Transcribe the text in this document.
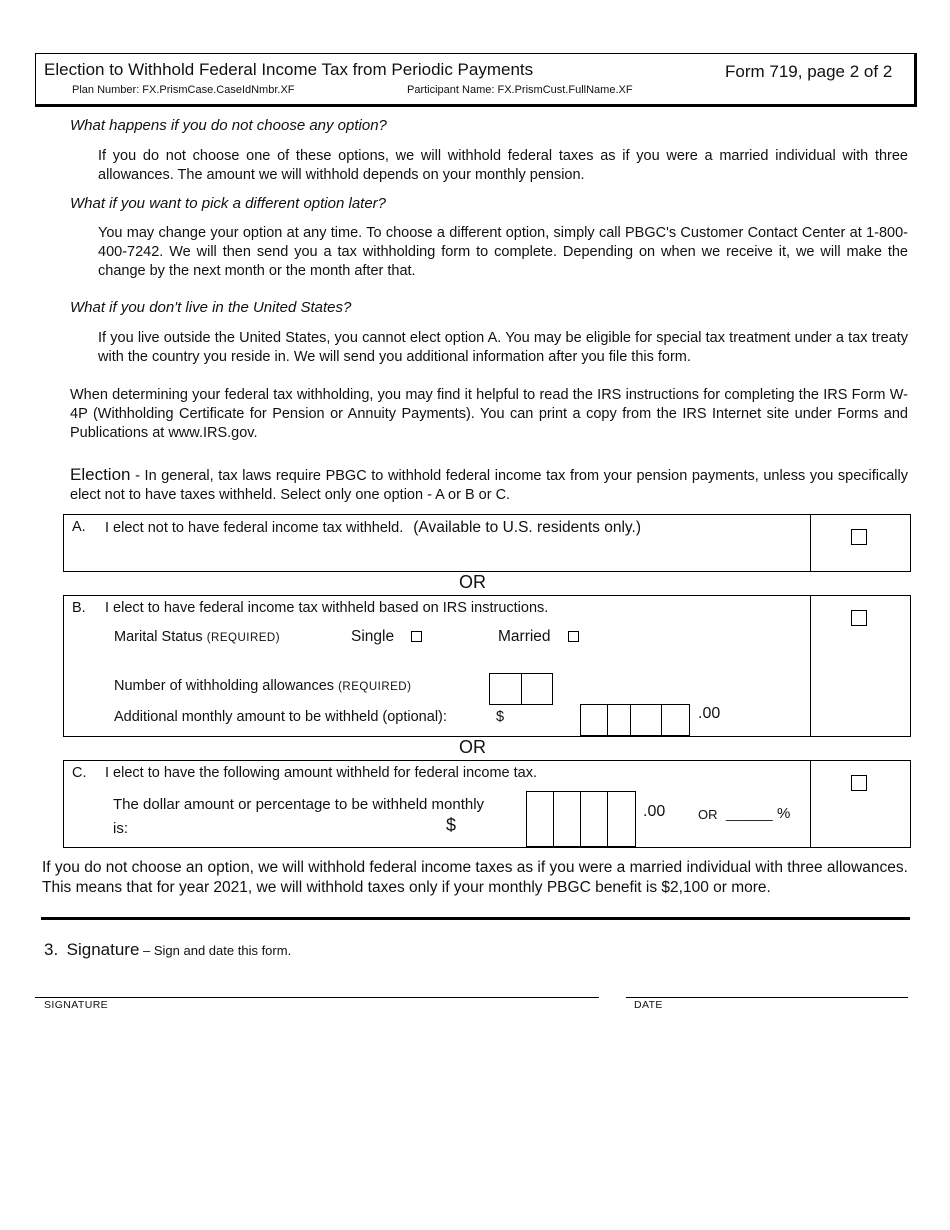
Election to Withhold Federal Income Tax from Periodic Payments	Form 719, page 2 of 2
Plan Number: FX.PrismCase.CaseIdNmbr.XF	Participant Name: FX.PrismCust.FullName.XF
What happens if you do not choose any option?
If you do not choose one of these options, we will withhold federal taxes as if you were a married individual with three allowances. The amount we will withhold depends on your monthly pension.
What if you want to pick a different option later?
You may change your option at any time. To choose a different option, simply call PBGC's Customer Contact Center at 1-800-400-7242. We will then send you a tax withholding form to complete. Depending on when we receive it, we will make the change by the next month or the month after that.
What if you don't live in the United States?
If you live outside the United States, you cannot elect option A. You may be eligible for special tax treatment under a tax treaty with the country you reside in. We will send you additional information after you file this form.
When determining your federal tax withholding, you may find it helpful to read the IRS instructions for completing the IRS Form W-4P (Withholding Certificate for Pension or Annuity Payments). You can print a copy from the IRS Internet site under Forms and Publications at www.IRS.gov.
Election - In general, tax laws require PBGC to withhold federal income tax from your pension payments, unless you specifically elect not to have taxes withheld. Select only one option - A or B or C.
A. I elect not to have federal income tax withheld. (Available to U.S. residents only.)
OR
B. I elect to have federal income tax withheld based on IRS instructions.
Marital Status (REQUIRED)	Single	Married
Number of withholding allowances (REQUIRED)
Additional monthly amount to be withheld (optional):	$	.00
OR
C. I elect to have the following amount withheld for federal income tax.
The dollar amount or percentage to be withheld monthly
is:	$
.00	OR ______ %
If you do not choose an option, we will withhold federal income taxes as if you were a married individual with three allowances. This means that for year 2021, we will withhold taxes only if your monthly PBGC benefit is $2,100 or more.
3. Signature – Sign and date this form.
SIGNATURE	DATE
